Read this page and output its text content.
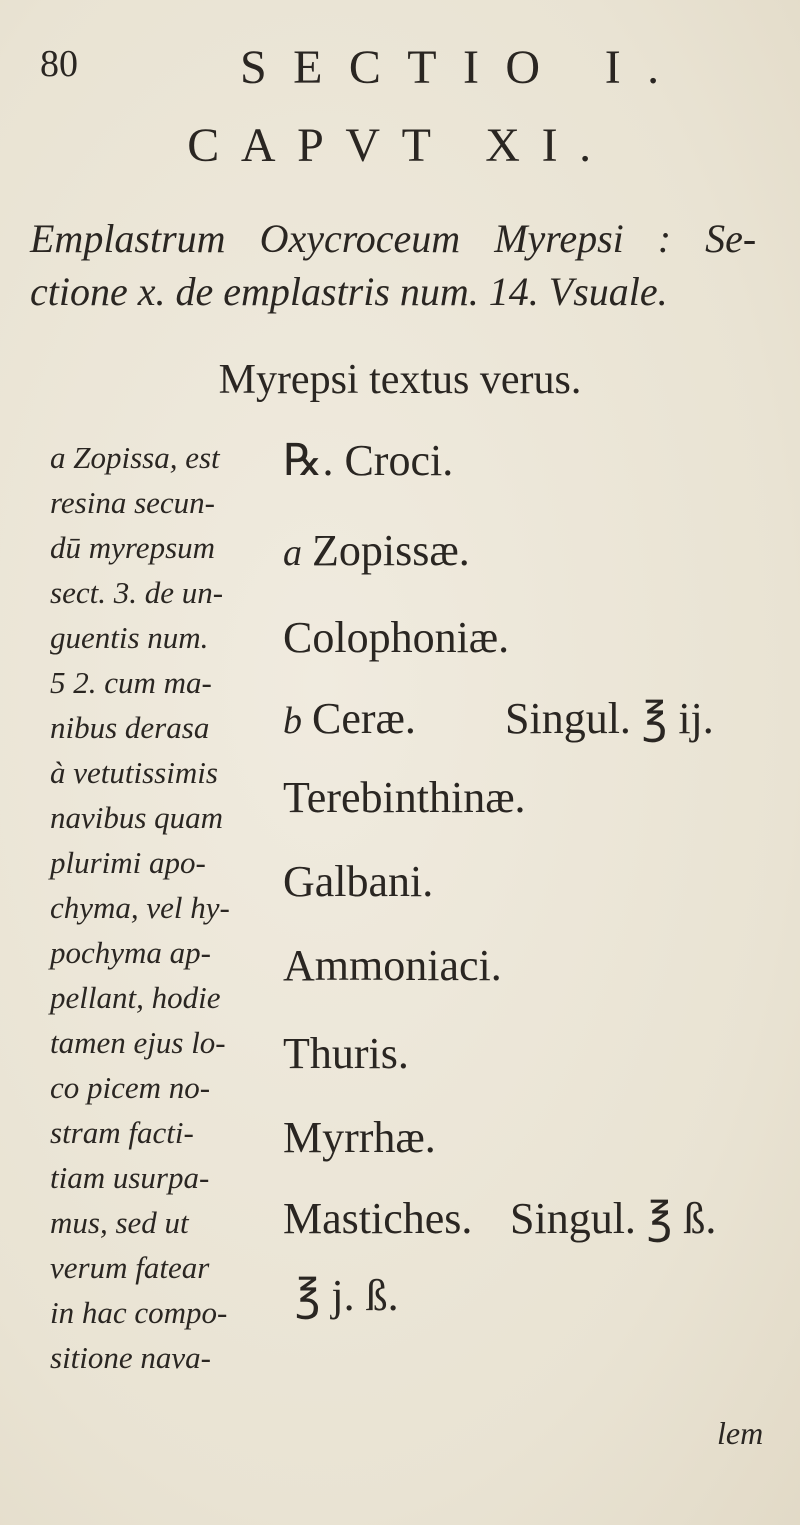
80	SECTIO I.
CAPVT XI.
Emplastrum Oxycroceum Myrepsi : Se-
ctione x. de emplastris num. 14. Vsuale.
Myrepsi textus verus.
a Zopissa, est
resina secun-
dū myrepsum
sect. 3. de un-
guentis num.
5 2. cum ma-
nibus derasa
à vetutissimis
navibus quam
plurimi apo-
chyma, vel hy-
pochyma ap-
pellant, hodie
tamen ejus lo-
co picem no-
stram facti-
tiam usurpa-
mus, sed ut
verum fatear
in hac compo-
sitione nava-
℞. Croci.
a Zopissæ.
Colophoniæ.
b Ceræ.
Terebinthinæ.
Galbani.
Ammoniaci.
Thuris.
Myrrhæ.
Mastiches.
℥ j. ß.
Singul. ℥ ij.
Singul. ℥ ß.
lem
